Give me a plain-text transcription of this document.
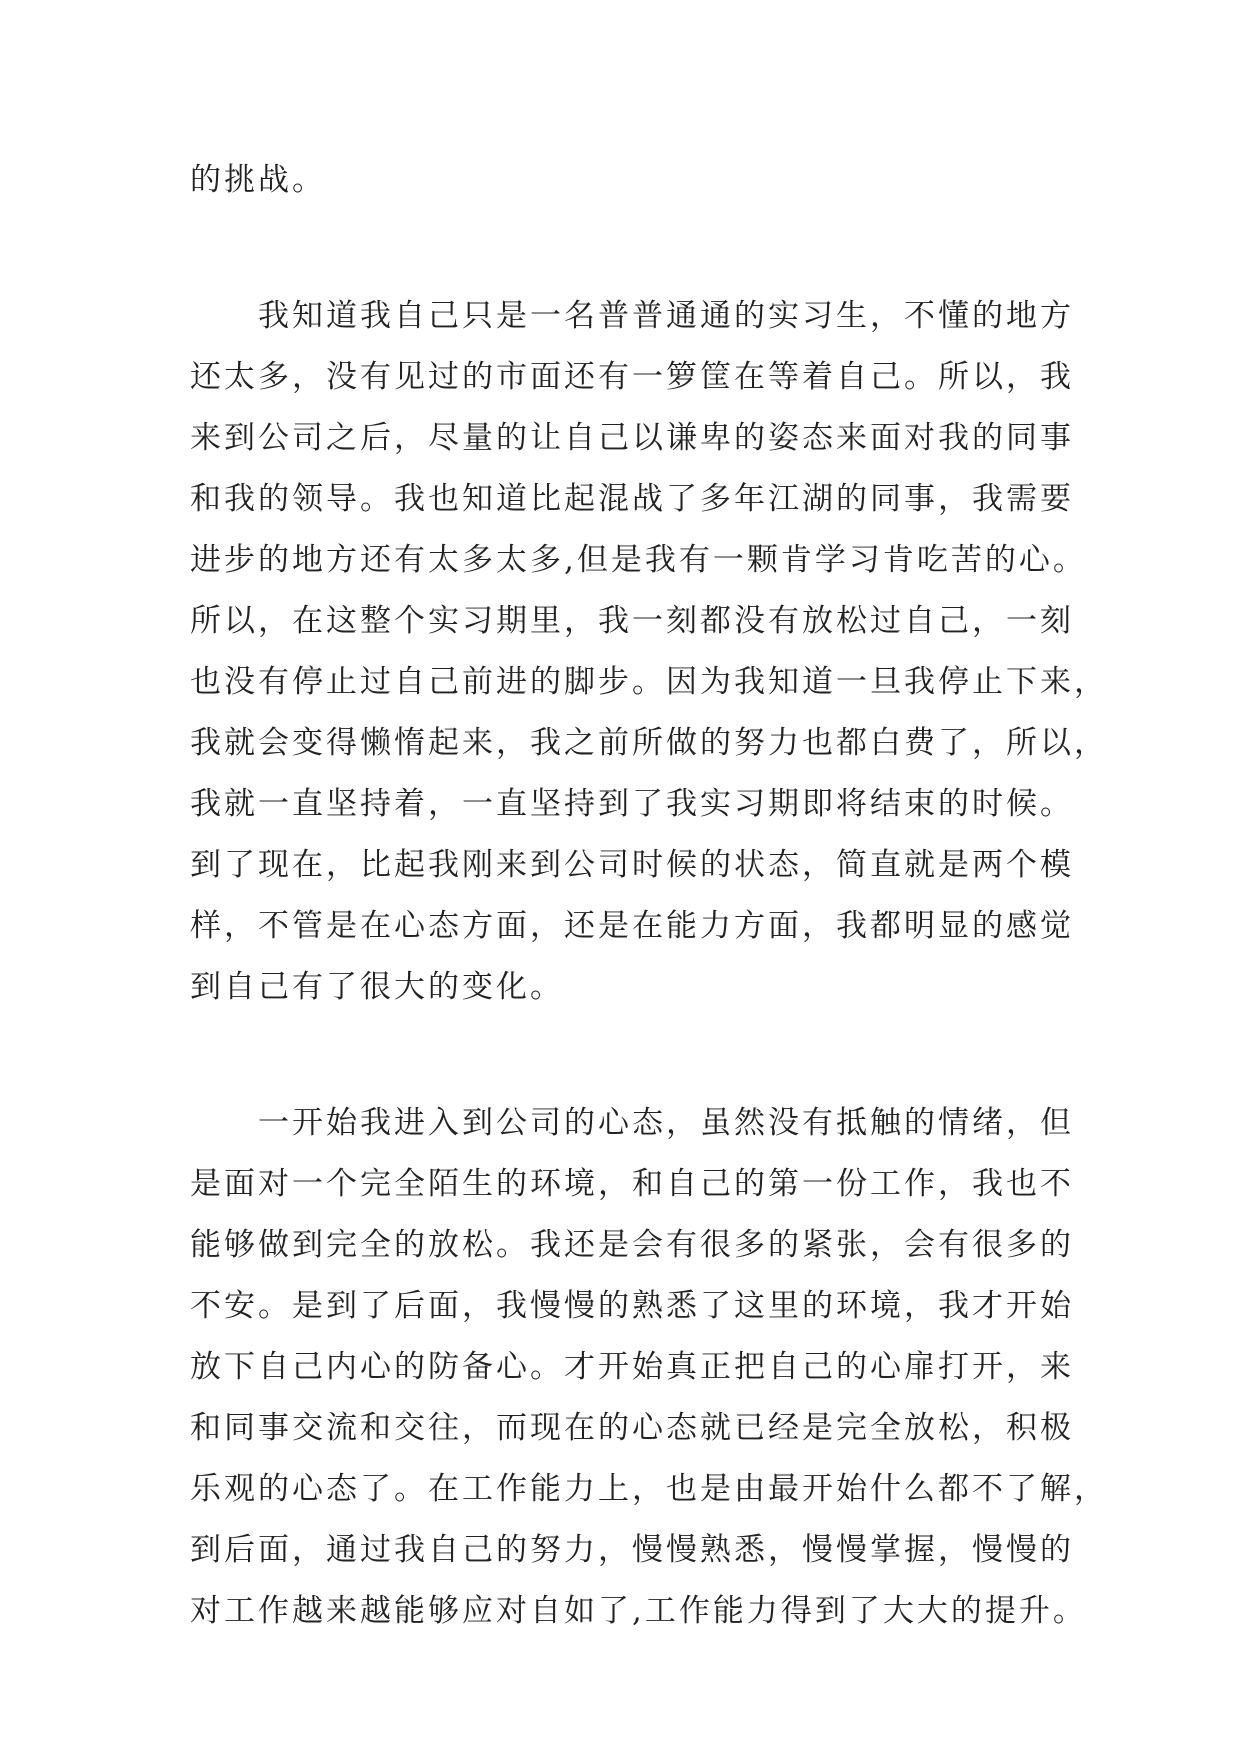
的挑战。
　　我知道我自己只是一名普普通通的实习生，不懂的地方
还太多，没有见过的市面还有一箩筐在等着自己。所以，我
来到公司之后，尽量的让自己以谦卑的姿态来面对我的同事
和我的领导。我也知道比起混战了多年江湖的同事，我需要
进步的地方还有太多太多,但是我有一颗肯学习肯吃苦的心。
所以，在这整个实习期里，我一刻都没有放松过自己，一刻
也没有停止过自己前进的脚步。因为我知道一旦我停止下来，
我就会变得懒惰起来，我之前所做的努力也都白费了，所以，
我就一直坚持着，一直坚持到了我实习期即将结束的时候。
到了现在，比起我刚来到公司时候的状态，简直就是两个模
样，不管是在心态方面，还是在能力方面，我都明显的感觉
到自己有了很大的变化。
　　一开始我进入到公司的心态，虽然没有抵触的情绪，但
是面对一个完全陌生的环境，和自己的第一份工作，我也不
能够做到完全的放松。我还是会有很多的紧张，会有很多的
不安。是到了后面，我慢慢的熟悉了这里的环境，我才开始
放下自己内心的防备心。才开始真正把自己的心扉打开，来
和同事交流和交往，而现在的心态就已经是完全放松，积极
乐观的心态了。在工作能力上，也是由最开始什么都不了解，
到后面，通过我自己的努力，慢慢熟悉，慢慢掌握，慢慢的
对工作越来越能够应对自如了,工作能力得到了大大的提升。
